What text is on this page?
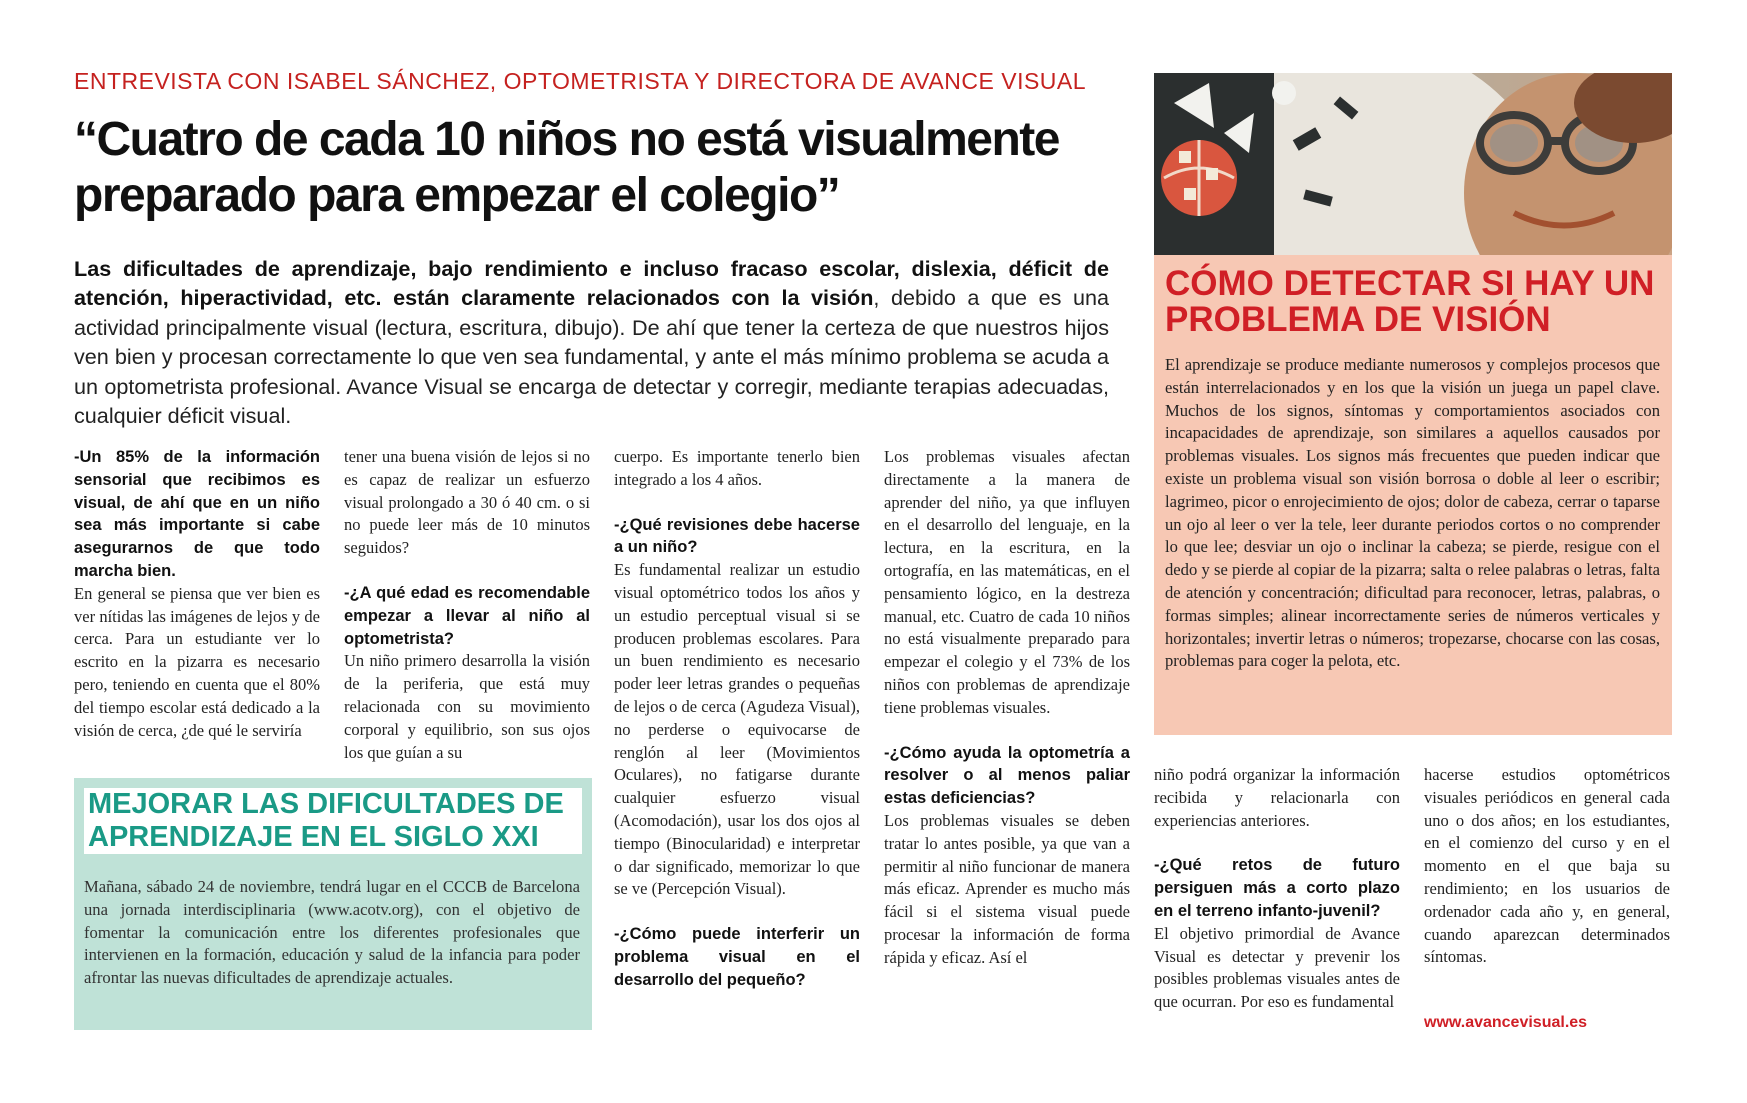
ENTREVISTA CON ISABEL SÁNCHEZ, OPTOMETRISTA Y DIRECTORA DE AVANCE VISUAL
“Cuatro de cada 10 niños no está visualmente preparado para empezar el colegio”

Las dificultades de aprendizaje, bajo rendimiento e incluso fracaso escolar, dislexia, déficit de atención, hiperactividad, etc. están claramente relacionados con la visión, debido a que es una actividad principalmente visual (lectura, escritura, dibujo). De ahí que tener la certeza de que nuestros hijos ven bien y procesan correctamente lo que ven sea fundamental, y ante el más mínimo problema se acuda a un optometrista profesional. Avance Visual se encarga de detectar y corregir, mediante terapias adecuadas, cualquier déficit visual.

-Un 85% de la información sensorial que recibimos es visual, de ahí que en un niño sea más importante si cabe asegurarnos de que todo marcha bien.

En general se piensa que ver bien es ver nítidas las imágenes de lejos y de cerca. Para un estudiante ver lo escrito en la pizarra es necesario pero, teniendo en cuenta que el 80% del tiempo escolar está dedicado a la visión de cerca, ¿de qué le serviría

tener una buena visión de lejos si no es capaz de realizar un esfuerzo visual prolongado a 30 ó 40 cm. o si no puede leer más de 10 minutos seguidos?

-¿A qué edad es recomendable empezar a llevar al niño al optometrista?

Un niño primero desarrolla la visión de la periferia, que está muy relacionada con su movimiento corporal y equilibrio, son sus ojos los que guían a su

cuerpo. Es importante tenerlo bien integrado a los 4 años.

-¿Qué revisiones debe hacerse a un niño?

Es fundamental realizar un estudio visual optométrico todos los años y un estudio perceptual visual si se producen problemas escolares. Para un buen rendimiento es necesario poder leer letras grandes o pequeñas de lejos o de cerca (Agudeza Visual), no perderse o equivocarse de renglón al leer (Movimientos Oculares), no fatigarse durante cualquier esfuerzo visual (Acomodación), usar los dos ojos al tiempo (Binocularidad) e interpretar o dar significado, memorizar lo que se ve (Percepción Visual).

-¿Cómo puede interferir un problema visual en el desarrollo del pequeño?

Los problemas visuales afectan directamente a la manera de aprender del niño, ya que influyen en el desarrollo del lenguaje, en la lectura, en la escritura, en la ortografía, en las matemáticas, en el pensamiento lógico, en la destreza manual, etc. Cuatro de cada 10 niños no está visualmente preparado para empezar el colegio y el 73% de los niños con problemas de aprendizaje tiene problemas visuales.

-¿Cómo ayuda la optometría a resolver o al menos paliar estas deficiencias?

Los problemas visuales se deben tratar lo antes posible, ya que van a permitir al niño funcionar de manera más eficaz. Aprender es mucho más fácil si el sistema visual puede procesar la información de forma rápida y eficaz. Así el

niño podrá organizar la información recibida y relacionarla con experiencias anteriores.

-¿Qué retos de futuro persiguen más a corto plazo en el terreno infanto-juvenil?

El objetivo primordial de Avance Visual es detectar y prevenir los posibles problemas visuales antes de que ocurran. Por eso es fundamental

hacerse estudios optométricos visuales periódicos en general cada uno o dos años; en los estudiantes, en el comienzo del curso y en el momento en el que baja su rendimiento; en los usuarios de ordenador cada año y, en general, cuando aparezcan determinados síntomas.

www.avancevisual.es
CÓMO DETECTAR SI HAY UN PROBLEMA DE VISIÓN

El aprendizaje se produce mediante numerosos y complejos procesos que están interrelacionados y en los que la visión un juega un papel clave. Muchos de los signos, síntomas y comportamientos asociados con incapacidades de aprendizaje, son similares a aquellos causados por problemas visuales. Los signos más frecuentes que pueden indicar que existe un problema visual son visión borrosa o doble al leer o escribir; lagrimeo, picor o enrojecimiento de ojos; dolor de cabeza, cerrar o taparse un ojo al leer o ver la tele, leer durante periodos cortos o no comprender lo que lee; desviar un ojo o inclinar la cabeza; se pierde, resigue con el dedo y se pierde al copiar de la pizarra; salta o relee palabras o letras, falta de atención y concentración; dificultad para reconocer, letras, palabras, o formas simples; alinear incorrectamente series de números verticales y horizontales; invertir letras o números; tropezarse, chocarse con las cosas, problemas para coger la pelota, etc.

MEJORAR LAS DIFICULTADES DE APRENDIZAJE EN EL SIGLO XXI

Mañana, sábado 24 de noviembre, tendrá lugar en el CCCB de Barcelona una jornada interdisciplinaria (www.acotv.org), con el objetivo de fomentar la comunicación entre los diferentes profesionales que intervienen en la formación, educación y salud de la infancia para poder afrontar las nuevas dificultades de aprendizaje actuales.
